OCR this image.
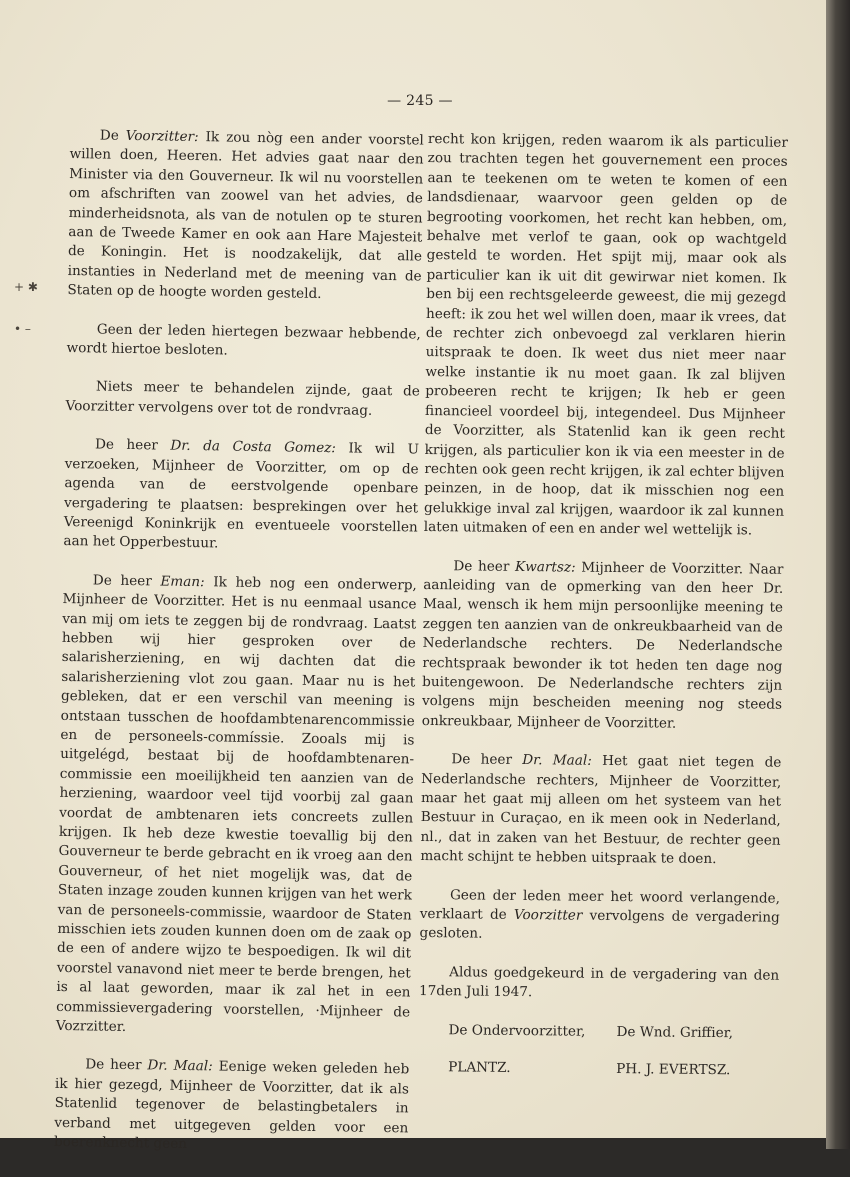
— 245 —
+ ✱
• –

De Voorzitter: Ik zou nòg een ander voorstel willen doen, Heeren. Het advies gaat naar den Minister via den Gouverneur. Ik wil nu voorstellen om afschriften van zoowel van het advies, de minderheidsnota, als van de notulen op te sturen aan de Tweede Kamer en ook aan Hare Majesteit de Koningin. Het is noodzakelijk, dat alle instanties in Nederland met de meening van de Staten op de hoogte worden gesteld.

Geen der leden hiertegen bezwaar hebbende, wordt hiertoe besloten.

Niets meer te behandelen zijnde, gaat de Voorzitter vervolgens over tot de rondvraag.

De heer Dr. da Costa Gomez: Ik wil U verzoeken, Mijnheer de Voorzitter, om op de agenda van de eerstvolgende openbare vergadering te plaatsen: besprekingen over het Vereenigd Koninkrijk en eventueele voorstellen aan het Opperbestuur.

De heer Eman: Ik heb nog een onderwerp, Mijnheer de Voorzitter. Het is nu eenmaal usance van mij om iets te zeggen bij de rondvraag. Laatst hebben wij hier gesproken over de salarisherziening, en wij dachten dat die salarisherziening vlot zou gaan. Maar nu is het gebleken, dat er een verschil van meening is ontstaan tusschen de hoofdambtenarencommissie en de personeels-commíssie. Zooals mij is uitgelégd, bestaat bij de hoofdambtenaren-commissie een moeilijkheid ten aanzien van de herziening, waardoor veel tijd voorbij zal gaan voordat de ambtenaren iets concreets zullen krijgen. Ik heb deze kwestie toevallig bij den Gouverneur te berde gebracht en ik vroeg aan den Gouverneur, of het niet mogelijk was, dat de Staten inzage zouden kunnen krijgen van het werk van de personeels-commissie, waardoor de Staten misschien iets zouden kunnen doen om de zaak op de een of andere wijzo te bespoedigen. Ik wil dit voorstel vanavond niet meer te berde brengen, het is al laat geworden, maar ik zal het in een commissievergadering voorstellen, ·Mijnheer de Vozrzitter.

De heer Dr. Maal: Eenige weken geleden heb ik hier gezegd, Mijnheer de Voorzitter, dat ik als Statenlid tegenover de belastingbetalers in verband met uitgegeven gelden voor een boerenknecht geen

recht kon krijgen, reden waarom ik als particulier zou trachten tegen het gouvernement een proces aan te teekenen om te weten te komen of een landsdienaar, waarvoor geen gelden op de begrooting voorkomen, het recht kan hebben, om, behalve met verlof te gaan, ook op wachtgeld gesteld te worden. Het spijt mij, maar ook als particulier kan ik uit dit gewirwar niet komen. Ik ben bij een rechtsgeleerde geweest, die mij gezegd heeft: ik zou het wel willen doen, maar ik vrees, dat de rechter zich onbevoegd zal verklaren hierin uitspraak te doen. Ik weet dus niet meer naar welke instantie ik nu moet gaan. Ik zal blijven probeeren recht te krijgen; Ik heb er geen financieel voordeel bij, integendeel. Dus Mijnheer de Voorzitter, als Statenlid kan ik geen recht krijgen, als particulier kon ik via een meester in de rechten ook geen recht krijgen, ik zal echter blijven peinzen, in de hoop, dat ik misschien nog een gelukkige inval zal krijgen, waardoor ik zal kunnen laten uitmaken of een en ander wel wettelijk is.

De heer Kwartsz: Mijnheer de Voorzitter. Naar aanleiding van de opmerking van den heer Dr. Maal, wensch ik hem mijn persoonlijke meening te zeggen ten aanzien van de onkreukbaarheid van de Nederlandsche rechters. De Nederlandsche rechtspraak bewonder ik tot heden ten dage nog buitengewoon. De Nederlandsche rechters zijn volgens mijn bescheiden meening nog steeds onkreukbaar, Mijnheer de Voorzitter.

De heer Dr. Maal: Het gaat niet tegen de Nederlandsche rechters, Mijnheer de Voorzitter, maar het gaat mij alleen om het systeem van het Bestuur in Curaçao, en ik meen ook in Nederland, nl., dat in zaken van het Bestuur, de rechter geen macht schijnt te hebben uitspraak te doen.

Geen der leden meer het woord verlangende, verklaart de Voorzitter vervolgens de vergadering gesloten.

Aldus goedgekeurd in de vergadering van den 17den Juli 1947.

De Ondervoorzitter,	De Wnd. Griffier,
PLANTZ.	PH. J. EVERTSZ.
